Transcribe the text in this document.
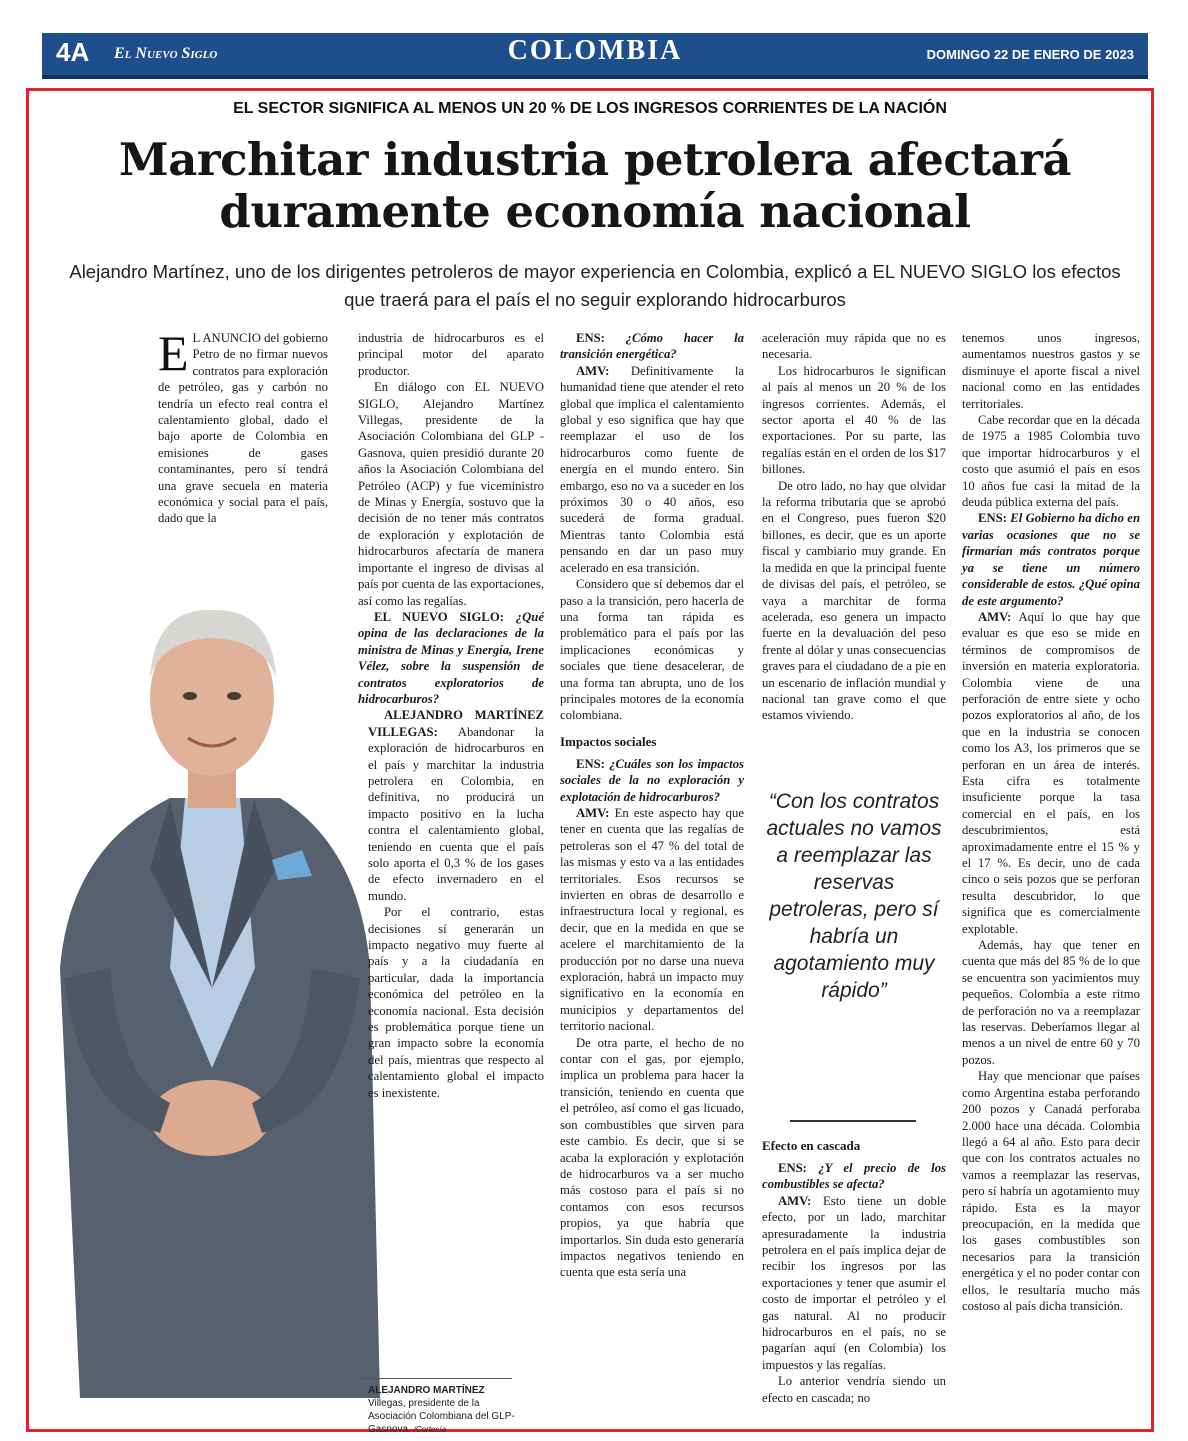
4A El Nuevo Siglo	COLOMBIA	DOMINGO 22 DE ENERO DE 2023
EL SECTOR SIGNIFICA AL MENOS UN 20 % DE LOS INGRESOS CORRIENTES DE LA NACIÓN
Marchitar industria petrolera afectará duramente economía nacional
Alejandro Martínez, uno de los dirigentes petroleros de mayor experiencia en Colombia, explicó a EL NUEVO SIGLO los efectos que traerá para el país el no seguir explorando hidrocarburos

E L ANUNCIO del gobierno Petro de no firmar nuevos contratos para exploración de petróleo, gas y carbón no tendría un efecto real contra el calentamiento global, dado el bajo aporte de Colombia en emisiones de gases contaminantes, pero sí tendrá una grave secuela en materia económica y social para el país, dado que la

industria de hidrocarburos es el principal motor del aparato productor.

En diálogo con EL NUEVO SIGLO, Alejandro Martínez Villegas, presidente de la Asociación Colombiana del GLP - Gasnova, quien presidió durante 20 años la Asociación Colombiana del Petróleo (ACP) y fue viceministro de Minas y Energía, sostuvo que la decisión de no tener más contratos de exploración y explotación de hidrocarburos afectaría de manera importante el ingreso de divisas al país por cuenta de las exportaciones, así como las regalías.

EL NUEVO SIGLO: ¿Qué opina de las declaraciones de la ministra de Minas y Energía, Irene Vélez, sobre la suspensión de contratos exploratorios de hidrocarburos?

ALEJANDRO MARTÍNEZ VILLEGAS: Abandonar la exploración de hidrocarburos en el país y marchitar la industria petrolera en Colombia, en definitiva, no producirá un impacto positivo en la lucha contra el calentamiento global, teniendo en cuenta que el país solo aporta el 0,3 % de los gases de efecto invernadero en el mundo.

Por el contrario, estas decisiones sí generarán un impacto negativo muy fuerte al país y a la ciudadanía en particular, dada la importancia económica del petróleo en la economía nacional. Esta decisión es problemática porque tiene un gran impacto sobre la economía del país, mientras que respecto al calentamiento global el impacto es inexistente.

ALEJANDRO MARTÍNEZ
Villegas, presidente de la Asociación Colombiana del GLP-Gasnova. /Cortesía

ENS: ¿Cómo hacer la transición energética?

AMV: Definitivamente la humanidad tiene que atender el reto global que implica el calentamiento global y eso significa que hay que reemplazar el uso de los hidrocarburos como fuente de energía en el mundo entero. Sin embargo, eso no va a suceder en los próximos 30 o 40 años, eso sucederá de forma gradual. Mientras tanto Colombia está pensando en dar un paso muy acelerado en esa transición.

Considero que sí debemos dar el paso a la transición, pero hacerla de una forma tan rápida es problemático para el país por las implicaciones económicas y sociales que tiene desacelerar, de una forma tan abrupta, uno de los principales motores de la economía colombiana.

Impactos sociales

ENS: ¿Cuáles son los impactos sociales de la no exploración y explotación de hidrocarburos?

AMV: En este aspecto hay que tener en cuenta que las regalías de petroleras son el 47 % del total de las mismas y esto va a las entidades territoriales. Esos recursos se invierten en obras de desarrollo e infraestructura local y regional, es decir, que en la medida en que se acelere el marchitamiento de la producción por no darse una nueva exploración, habrá un impacto muy significativo en la economía en municipios y departamentos del territorio nacional.

De otra parte, el hecho de no contar con el gas, por ejemplo, implica un problema para hacer la transición, teniendo en cuenta que el petróleo, así como el gas licuado, son combustibles que sirven para este cambio. Es decir, que si se acaba la exploración y explotación de hidrocarburos va a ser mucho más costoso para el país si no contamos con esos recursos propios, ya que habría que importarlos. Sin duda esto generaría impactos negativos teniendo en cuenta que esta sería una

aceleración muy rápida que no es necesaria.

Los hidrocarburos le significan al país al menos un 20 % de los ingresos corrientes. Además, el sector aporta el 40 % de las exportaciones. Por su parte, las regalías están en el orden de los $17 billones.

De otro lado, no hay que olvidar la reforma tributaria que se aprobó en el Congreso, pues fueron $20 billones, es decir, que es un aporte fiscal y cambiario muy grande. En la medida en que la principal fuente de divisas del país, el petróleo, se vaya a marchitar de forma acelerada, eso genera un impacto fuerte en la devaluación del peso frente al dólar y unas consecuencias graves para el ciudadano de a pie en un escenario de inflación mundial y nacional tan grave como el que estamos viviendo.

“Con los contratos actuales no vamos a reemplazar las reservas petroleras, pero sí habría un agotamiento muy rápido”

Efecto en cascada

ENS: ¿Y el precio de los combustibles se afecta?

AMV: Esto tiene un doble efecto, por un lado, marchitar apresuradamente la industria petrolera en el país implica dejar de recibir los ingresos por las exportaciones y tener que asumir el costo de importar el petróleo y el gas natural. Al no producir hidrocarburos en el país, no se pagarían aquí (en Colombia) los impuestos y las regalías.

Lo anterior vendría siendo un efecto en cascada; no

tenemos unos ingresos, aumentamos nuestros gastos y se disminuye el aporte fiscal a nivel nacional como en las entidades territoriales.

Cabe recordar que en la década de 1975 a 1985 Colombia tuvo que importar hidrocarburos y el costo que asumió el país en esos 10 años fue casi la mitad de la deuda pública externa del país.

ENS: El Gobierno ha dicho en varias ocasiones que no se firmarían más contratos porque ya se tiene un número considerable de estos. ¿Qué opina de este argumento?

AMV: Aquí lo que hay que evaluar es que eso se mide en términos de compromisos de inversión en materia exploratoria. Colombia viene de una perforación de entre siete y ocho pozos exploratorios al año, de los que en la industria se conocen como los A3, los primeros que se perforan en un área de interés. Esta cifra es totalmente insuficiente porque la tasa comercial en el país, en los descubrimientos, está aproximadamente entre el 15 % y el 17 %. Es decir, uno de cada cinco o seis pozos que se perforan resulta descubridor, lo que significa que es comercialmente explotable.

Además, hay que tener en cuenta que más del 85 % de lo que se encuentra son yacimientos muy pequeños. Colombia a este ritmo de perforación no va a reemplazar las reservas. Deberíamos llegar al menos a un nivel de entre 60 y 70 pozos.

Hay que mencionar que países como Argentina estaba perforando 200 pozos y Canadá perforaba 2.000 hace una década. Colombia llegó a 64 al año. Esto para decir que con los contratos actuales no vamos a reemplazar las reservas, pero sí habría un agotamiento muy rápido. Esta es la mayor preocupación, en la medida que los gases combustibles son necesarios para la transición energética y el no poder contar con ellos, le resultaría mucho más costoso al país dicha transición.
